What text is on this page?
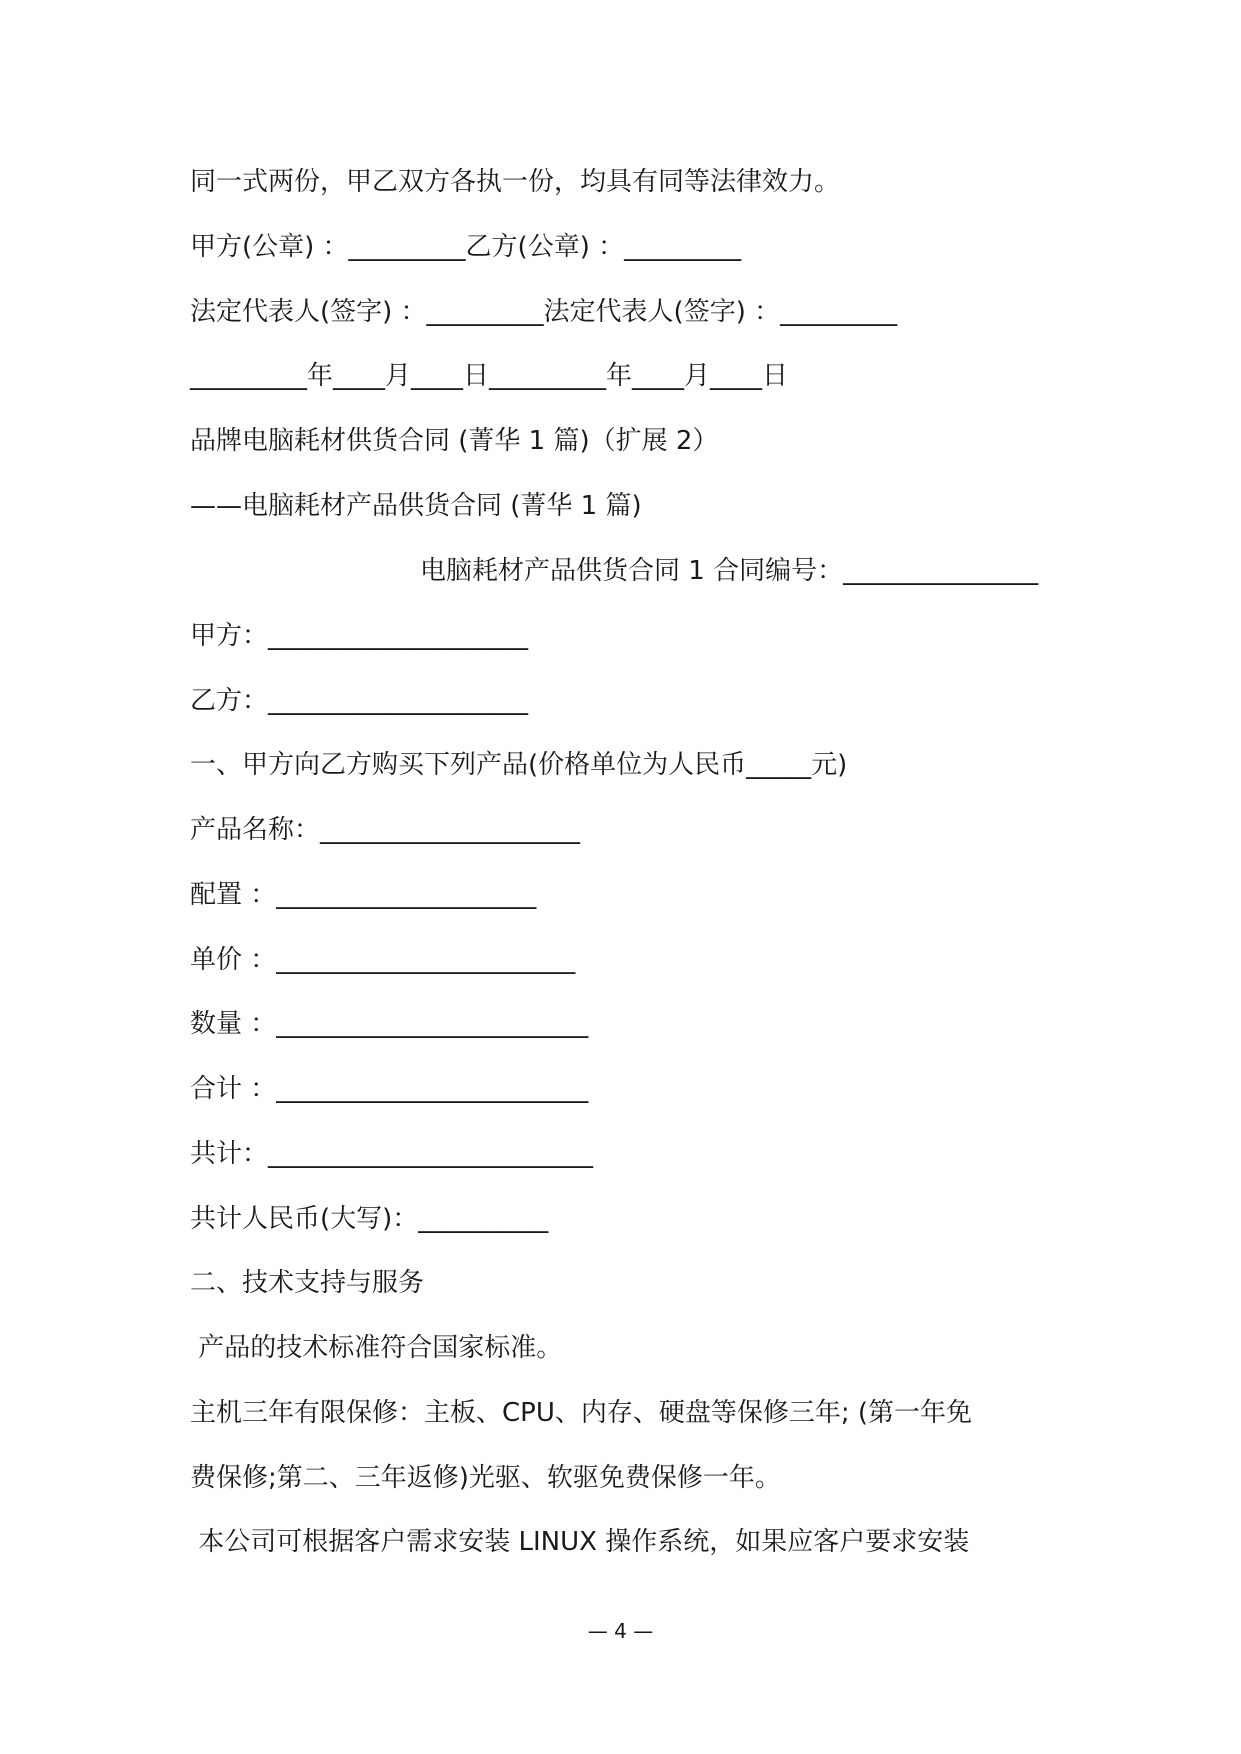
同一式两份，甲乙双方各执一份，均具有同等法律效力。

甲方(公章) ：_________乙方(公章) ：_________

法定代表人(签字) ：_________法定代表人(签字) ：_________

_________年____月____日_________年____月____日

品牌电脑耗材供货合同 (菁华 1 篇)（扩展 2）

——电脑耗材产品供货合同 (菁华 1 篇)

电脑耗材产品供货合同 1 合同编号：_______________

甲方：____________________

乙方：____________________

一、甲方向乙方购买下列产品(价格单位为人民币_____元)

产品名称：____________________

配置 ：____________________

单价 ：_______________________

数量 ：________________________

合计 ：________________________

共计：_________________________

共计人民币(大写)：__________

二、技术支持与服务

产品的技术标准符合国家标准。

主机三年有限保修：主板、CPU、内存、硬盘等保修三年; (第一年免

费保修;第二、三年返修)光驱、软驱免费保修一年。

本公司可根据客户需求安装 LINUX 操作系统，如果应客户要求安装

— 4 —
